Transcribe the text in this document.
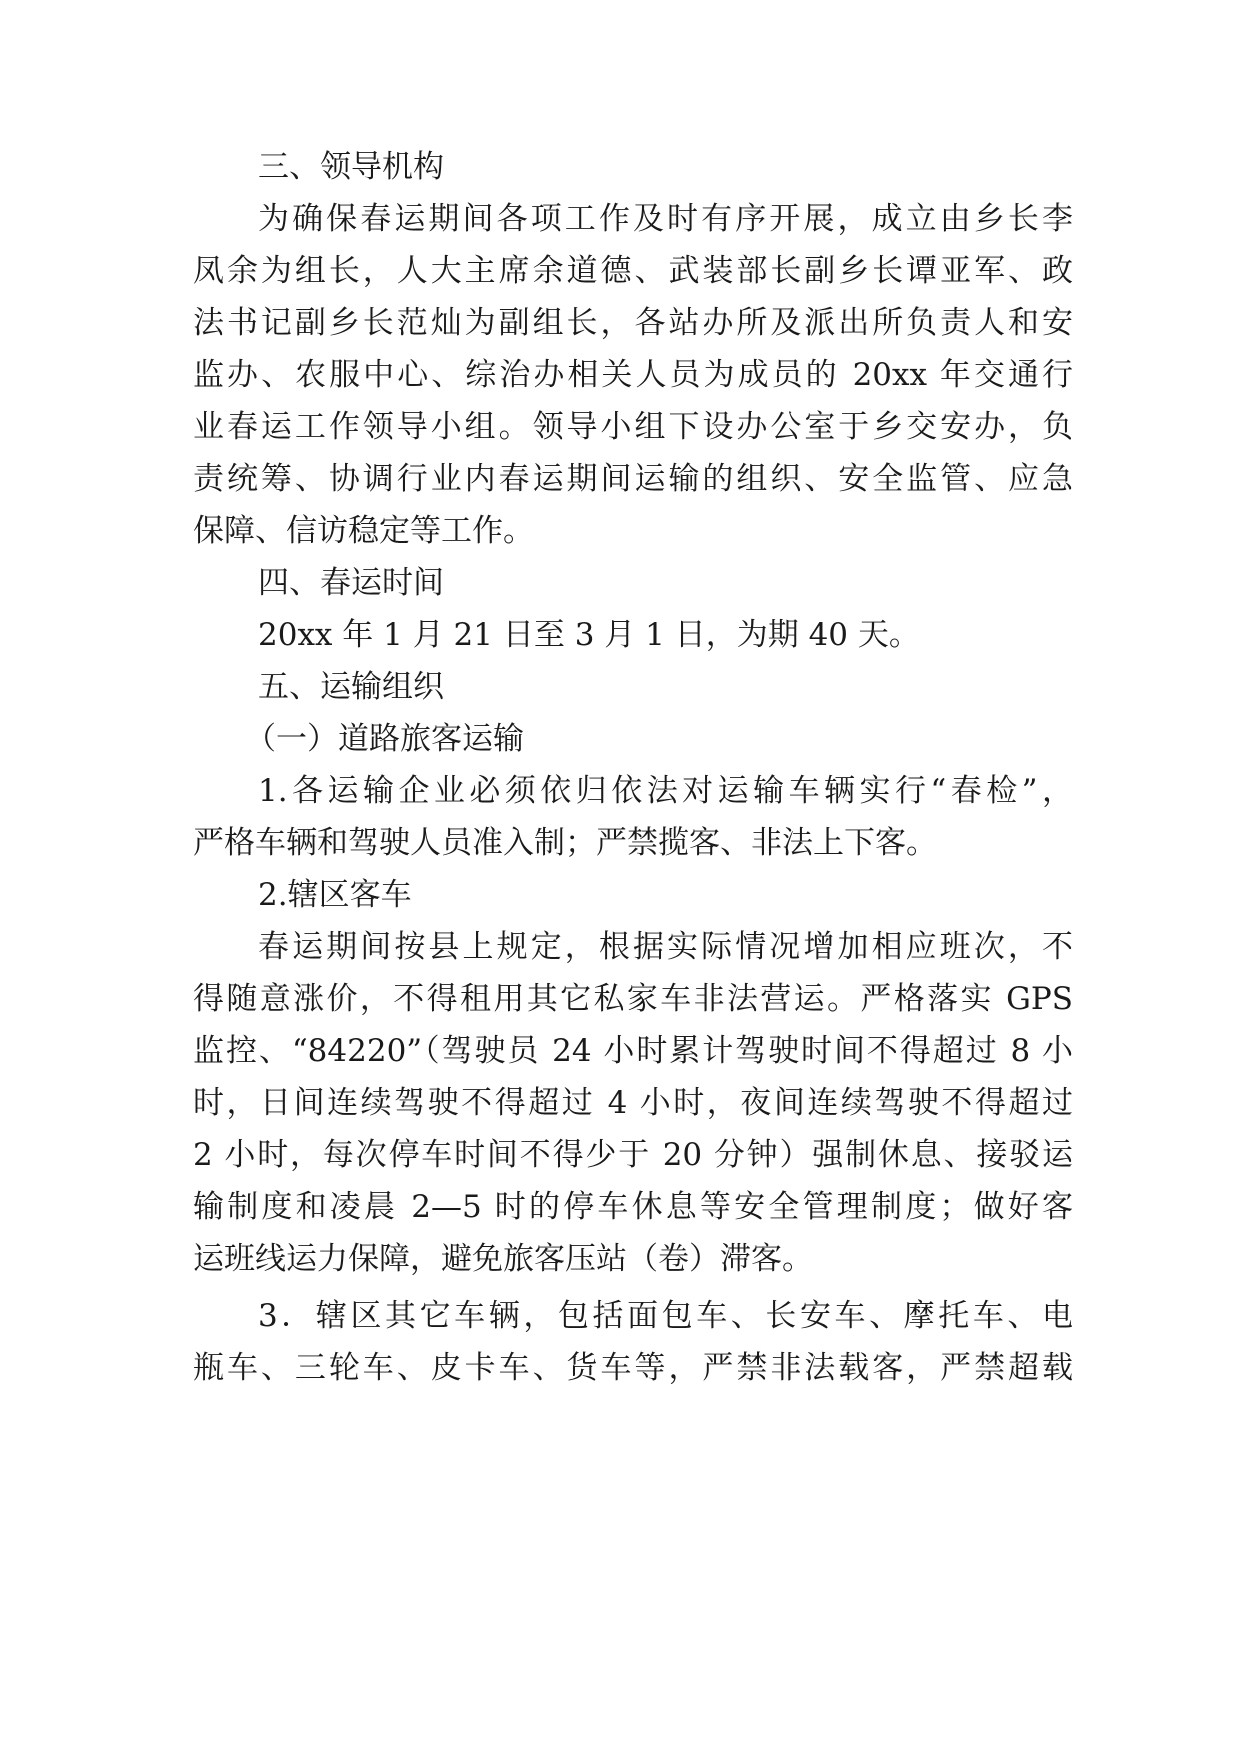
三、领导机构
为确保春运期间各项工作及时有序开展，成立由乡长李
凤余为组长，人大主席余道德、武装部长副乡长谭亚军、政
法书记副乡长范灿为副组长，各站办所及派出所负责人和安
监办、农服中心、综治办相关人员为成员的 20xx 年交通行
业春运工作领导小组。领导小组下设办公室于乡交安办，负
责统筹、协调行业内春运期间运输的组织、安全监管、应急
保障、信访稳定等工作。
四、春运时间
20xx 年 1 月 21 日至 3 月 1 日，为期 40 天。
五、运输组织
（一）道路旅客运输
1.各运输企业必须依归依法对运输车辆实行“春检”，
严格车辆和驾驶人员准入制；严禁揽客、非法上下客。
2.辖区客车
春运期间按县上规定，根据实际情况增加相应班次，不
得随意涨价，不得租用其它私家车非法营运。严格落实 GPS
监控、“84220”（驾驶员 24 小时累计驾驶时间不得超过 8 小
时，日间连续驾驶不得超过 4 小时，夜间连续驾驶不得超过
2 小时，每次停车时间不得少于 20 分钟）强制休息、接驳运
输制度和凌晨 2—5 时的停车休息等安全管理制度；做好客
运班线运力保障，避免旅客压站（卷）滞客。
3．辖区其它车辆，包括面包车、长安车、摩托车、电
瓶车、三轮车、皮卡车、货车等，严禁非法载客，严禁超载
